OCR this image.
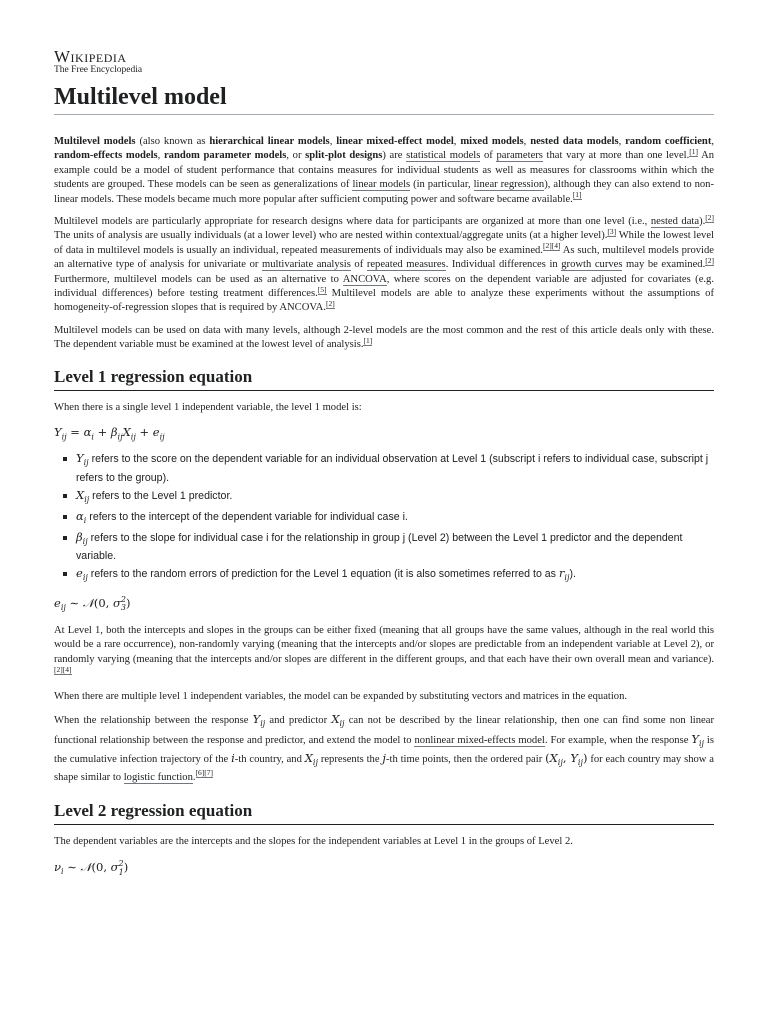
Wikipedia
The Free Encyclopedia
Multilevel model

Multilevel models (also known as hierarchical linear models, linear mixed-effect model, mixed models, nested data models, random coefficient, random-effects models, random parameter models, or split-plot designs) are statistical models of parameters that vary at more than one level.[1] An example could be a model of student performance that contains measures for individual students as well as measures for classrooms within which the students are grouped. These models can be seen as generalizations of linear models (in particular, linear regression), although they can also extend to non-linear models. These models became much more popular after sufficient computing power and software became available.[1]

Multilevel models are particularly appropriate for research designs where data for participants are organized at more than one level (i.e., nested data).[2] The units of analysis are usually individuals (at a lower level) who are nested within contextual/aggregate units (at a higher level).[3] While the lowest level of data in multilevel models is usually an individual, repeated measurements of individuals may also be examined.[2][4] As such, multilevel models provide an alternative type of analysis for univariate or multivariate analysis of repeated measures. Individual differences in growth curves may be examined.[2] Furthermore, multilevel models can be used as an alternative to ANCOVA, where scores on the dependent variable are adjusted for covariates (e.g. individual differences) before testing treatment differences.[5] Multilevel models are able to analyze these experiments without the assumptions of homogeneity-of-regression slopes that is required by ANCOVA.[2]

Multilevel models can be used on data with many levels, although 2-level models are the most common and the rest of this article deals only with these. The dependent variable must be examined at the lowest level of analysis.[1]

Level 1 regression equation

When there is a single level 1 independent variable, the level 1 model is:

$Y_{ij} = \alpha_i + \beta_{ij}X_{ij} + e_{ij}$
$Y_{ij}$ refers to the score on the dependent variable for an individual observation at Level 1 (subscript i refers to individual case, subscript j refers to the group).
$X_{ij}$ refers to the Level 1 predictor.
$\alpha_i$ refers to the intercept of the dependent variable for individual case i.
$\beta_{ij}$ refers to the slope for individual case i for the relationship in group j (Level 2) between the Level 1 predictor and the dependent variable.
$e_{ij}$ refers to the random errors of prediction for the Level 1 equation (it is also sometimes referred to as $r_{ij}$).
$e_{ij}$ ∼ 𝒩(0, $\sigma^2_3$)

At Level 1, both the intercepts and slopes in the groups can be either fixed (meaning that all groups have the same values, although in the real world this would be a rare occurrence), non-randomly varying (meaning that the intercepts and/or slopes are predictable from an independent variable at Level 2), or randomly varying (meaning that the intercepts and/or slopes are different in the different groups, and that each have their own overall mean and variance).[2][4]

When there are multiple level 1 independent variables, the model can be expanded by substituting vectors and matrices in the equation.

When the relationship between the response $Y_{ij}$ and predictor $X_{ij}$ can not be described by the linear relationship, then one can find some non linear functional relationship between the response and predictor, and extend the model to nonlinear mixed-effects model. For example, when the response $Y_{ij}$ is the cumulative infection trajectory of the i-th country, and $X_{ij}$ represents the j-th time points, then the ordered pair ($X_{ij}$, $Y_{ij}$) for each country may show a shape similar to logistic function.[6][7]

Level 2 regression equation

The dependent variables are the intercepts and the slopes for the independent variables at Level 1 in the groups of Level 2.

$\nu_i$ ∼ 𝒩(0, $\sigma^2_1$)
